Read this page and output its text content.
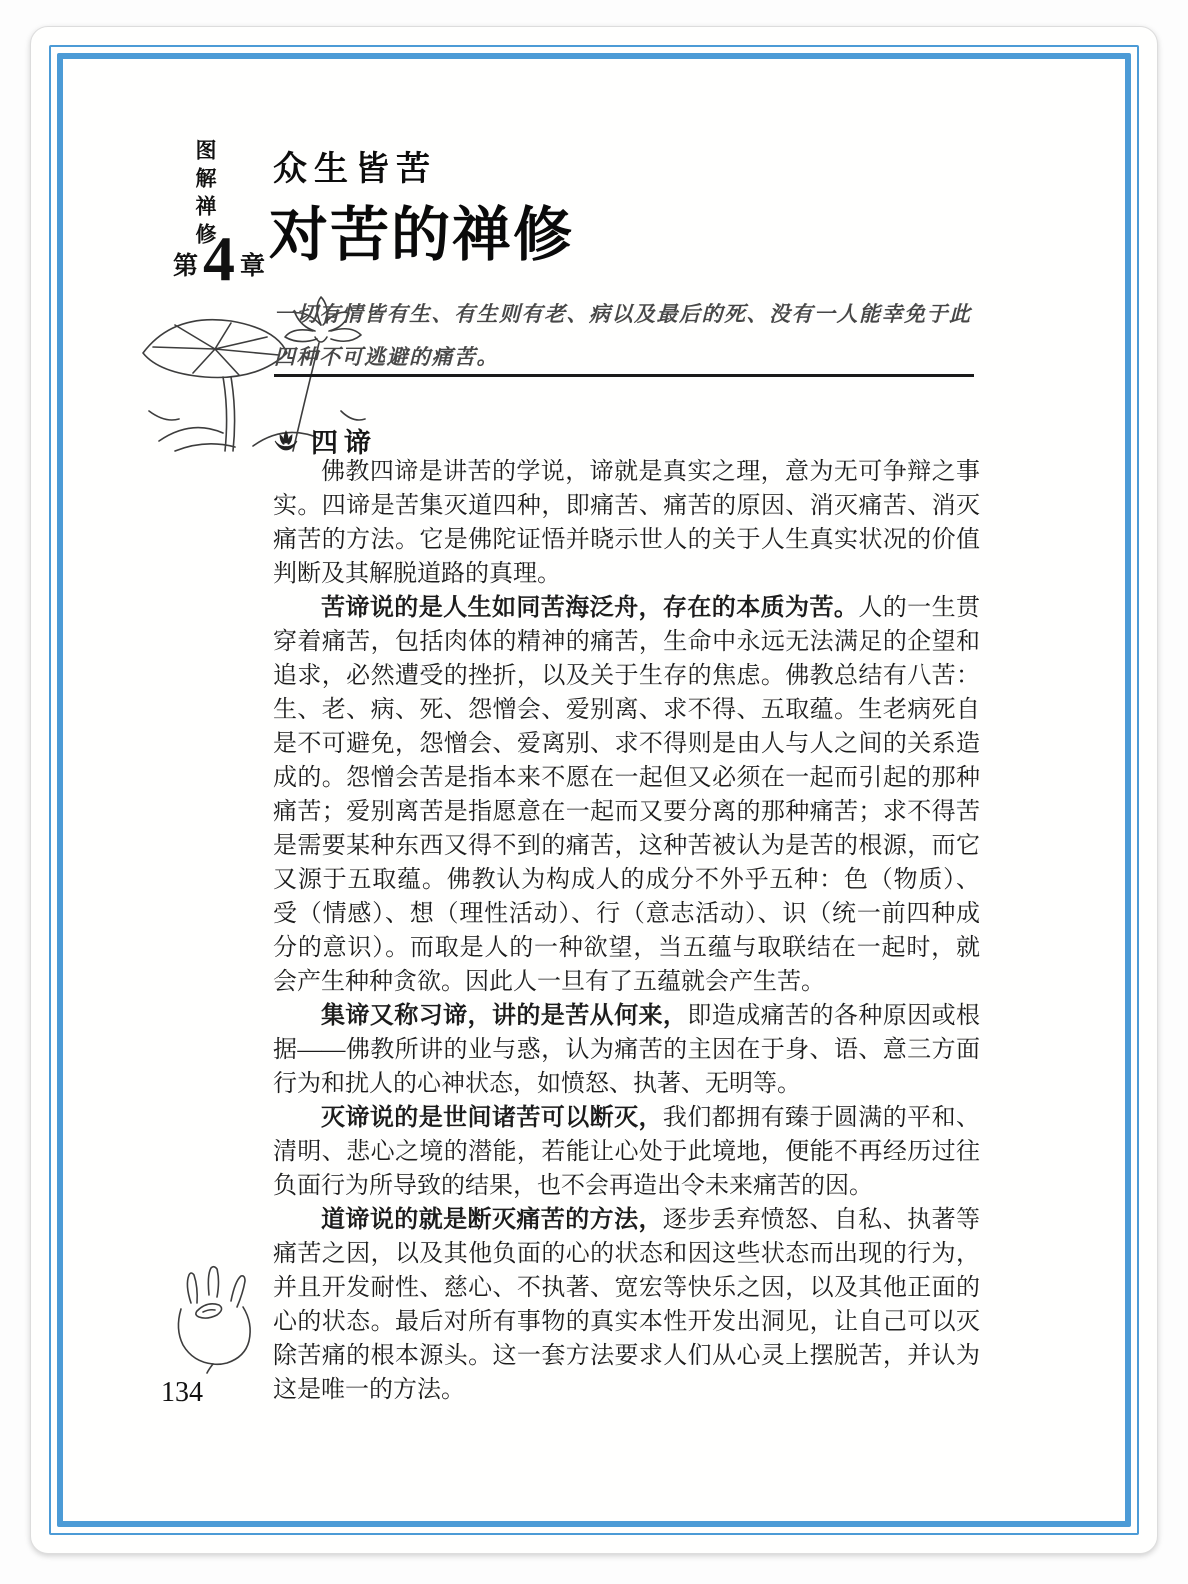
图解禅修
第 4 章
众生皆苦
对苦的禅修
一切有情皆有生、有生则有老、病以及最后的死、没有一人能幸免于此四种不可逃避的痛苦。
四谛

佛教四谛是讲苦的学说，谛就是真实之理，意为无可争辩之事实。四谛是苦集灭道四种，即痛苦、痛苦的原因、消灭痛苦、消灭痛苦的方法。它是佛陀证悟并晓示世人的关于人生真实状况的价值判断及其解脱道路的真理。

苦谛说的是人生如同苦海泛舟，存在的本质为苦。人的一生贯穿着痛苦，包括肉体的精神的痛苦，生命中永远无法满足的企望和追求，必然遭受的挫折，以及关于生存的焦虑。佛教总结有八苦：生、老、病、死、怨憎会、爱别离、求不得、五取蕴。生老病死自是不可避免，怨憎会、爱离别、求不得则是由人与人之间的关系造成的。怨憎会苦是指本来不愿在一起但又必须在一起而引起的那种痛苦；爱别离苦是指愿意在一起而又要分离的那种痛苦；求不得苦是需要某种东西又得不到的痛苦，这种苦被认为是苦的根源，而它又源于五取蕴。佛教认为构成人的成分不外乎五种：色（物质）、受（情感）、想（理性活动）、行（意志活动）、识（统一前四种成分的意识）。而取是人的一种欲望，当五蕴与取联结在一起时，就会产生种种贪欲。因此人一旦有了五蕴就会产生苦。

集谛又称习谛，讲的是苦从何来，即造成痛苦的各种原因或根据——佛教所讲的业与惑，认为痛苦的主因在于身、语、意三方面行为和扰人的心神状态，如愤怒、执著、无明等。

灭谛说的是世间诸苦可以断灭，我们都拥有臻于圆满的平和、清明、悲心之境的潜能，若能让心处于此境地，便能不再经历过往负面行为所导致的结果，也不会再造出令未来痛苦的因。

道谛说的就是断灭痛苦的方法，逐步丢弃愤怒、自私、执著等痛苦之因，以及其他负面的心的状态和因这些状态而出现的行为，并且开发耐性、慈心、不执著、宽宏等快乐之因，以及其他正面的心的状态。最后对所有事物的真实本性开发出洞见，让自己可以灭除苦痛的根本源头。这一套方法要求人们从心灵上摆脱苦，并认为这是唯一的方法。

134
